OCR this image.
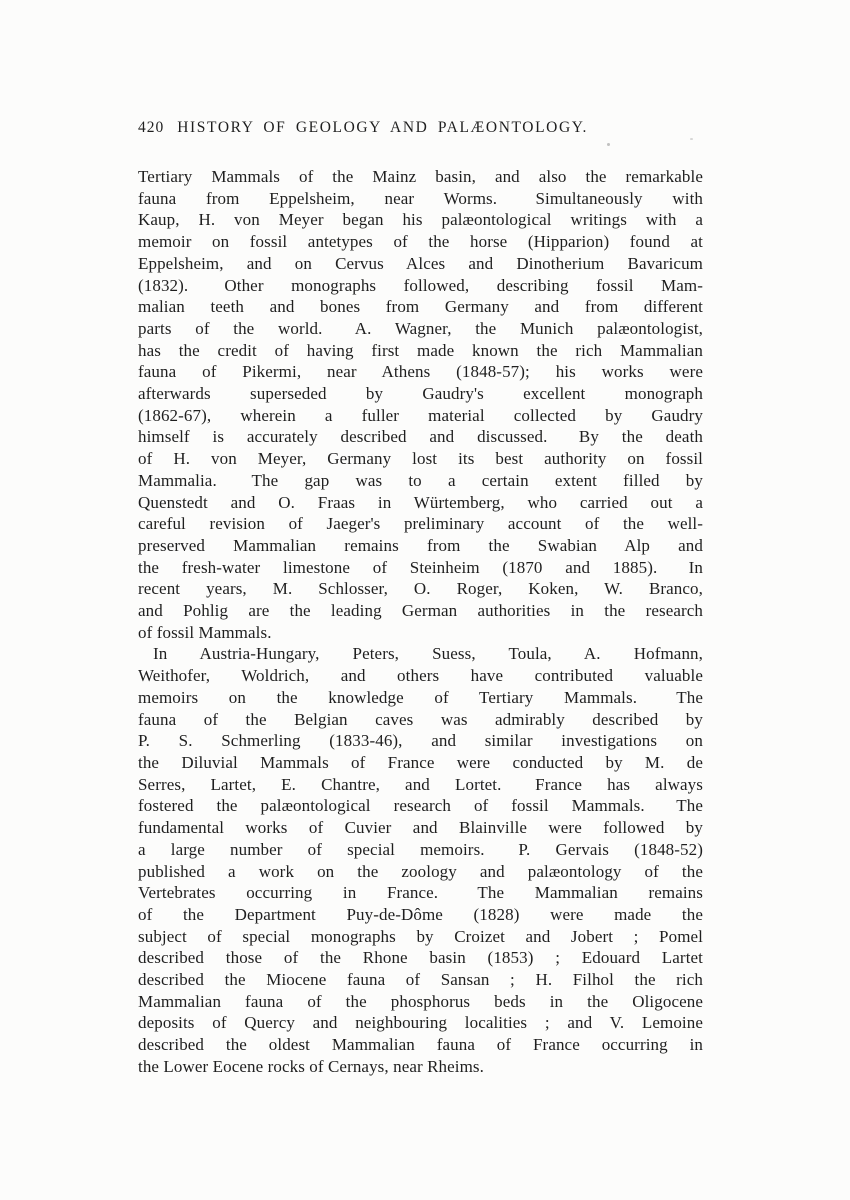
420 HISTORY OF GEOLOGY AND PALÆONTOLOGY.

Tertiary Mammals of the Mainz basin, and also the remarkable
fauna from Eppelsheim, near Worms.  Simultaneously with
Kaup, H. von Meyer began his palæontological writings with a
memoir on fossil antetypes of the horse (Hipparion) found at
Eppelsheim, and on Cervus Alces and Dinotherium Bavaricum
(1832).  Other monographs followed, describing fossil Mam-
malian teeth and bones from Germany and from different
parts of the world.  A. Wagner, the Munich palæontologist,
has the credit of having first made known the rich Mammalian
fauna of Pikermi, near Athens (1848-57); his works were
afterwards superseded by Gaudry's excellent monograph
(1862-67), wherein a fuller material collected by Gaudry
himself is accurately described and discussed.  By the death
of H. von Meyer, Germany lost its best authority on fossil
Mammalia.  The gap was to a certain extent filled by
Quenstedt and O. Fraas in Würtemberg, who carried out a
careful revision of Jaeger's preliminary account of the well-
preserved Mammalian remains from the Swabian Alp and
the fresh-water limestone of Steinheim (1870 and 1885).  In
recent years, M. Schlosser, O. Roger, Koken, W. Branco,
and Pohlig are the leading German authorities in the research
of fossil Mammals.

In Austria-Hungary, Peters, Suess, Toula, A. Hofmann,
Weithofer, Woldrich, and others have contributed valuable
memoirs on the knowledge of Tertiary Mammals.  The
fauna of the Belgian caves was admirably described by
P. S. Schmerling (1833-46), and similar investigations on
the Diluvial Mammals of France were conducted by M. de
Serres, Lartet, E. Chantre, and Lortet.  France has always
fostered the palæontological research of fossil Mammals.  The
fundamental works of Cuvier and Blainville were followed by
a large number of special memoirs.  P. Gervais (1848-52)
published a work on the zoology and palæontology of the
Vertebrates occurring in France.  The Mammalian remains
of the Department Puy-de-Dôme (1828) were made the
subject of special monographs by Croizet and Jobert ; Pomel
described those of the Rhone basin (1853) ; Edouard Lartet
described the Miocene fauna of Sansan ; H. Filhol the rich
Mammalian fauna of the phosphorus beds in the Oligocene
deposits of Quercy and neighbouring localities ; and V. Lemoine
described the oldest Mammalian fauna of France occurring in
the Lower Eocene rocks of Cernays, near Rheims.
